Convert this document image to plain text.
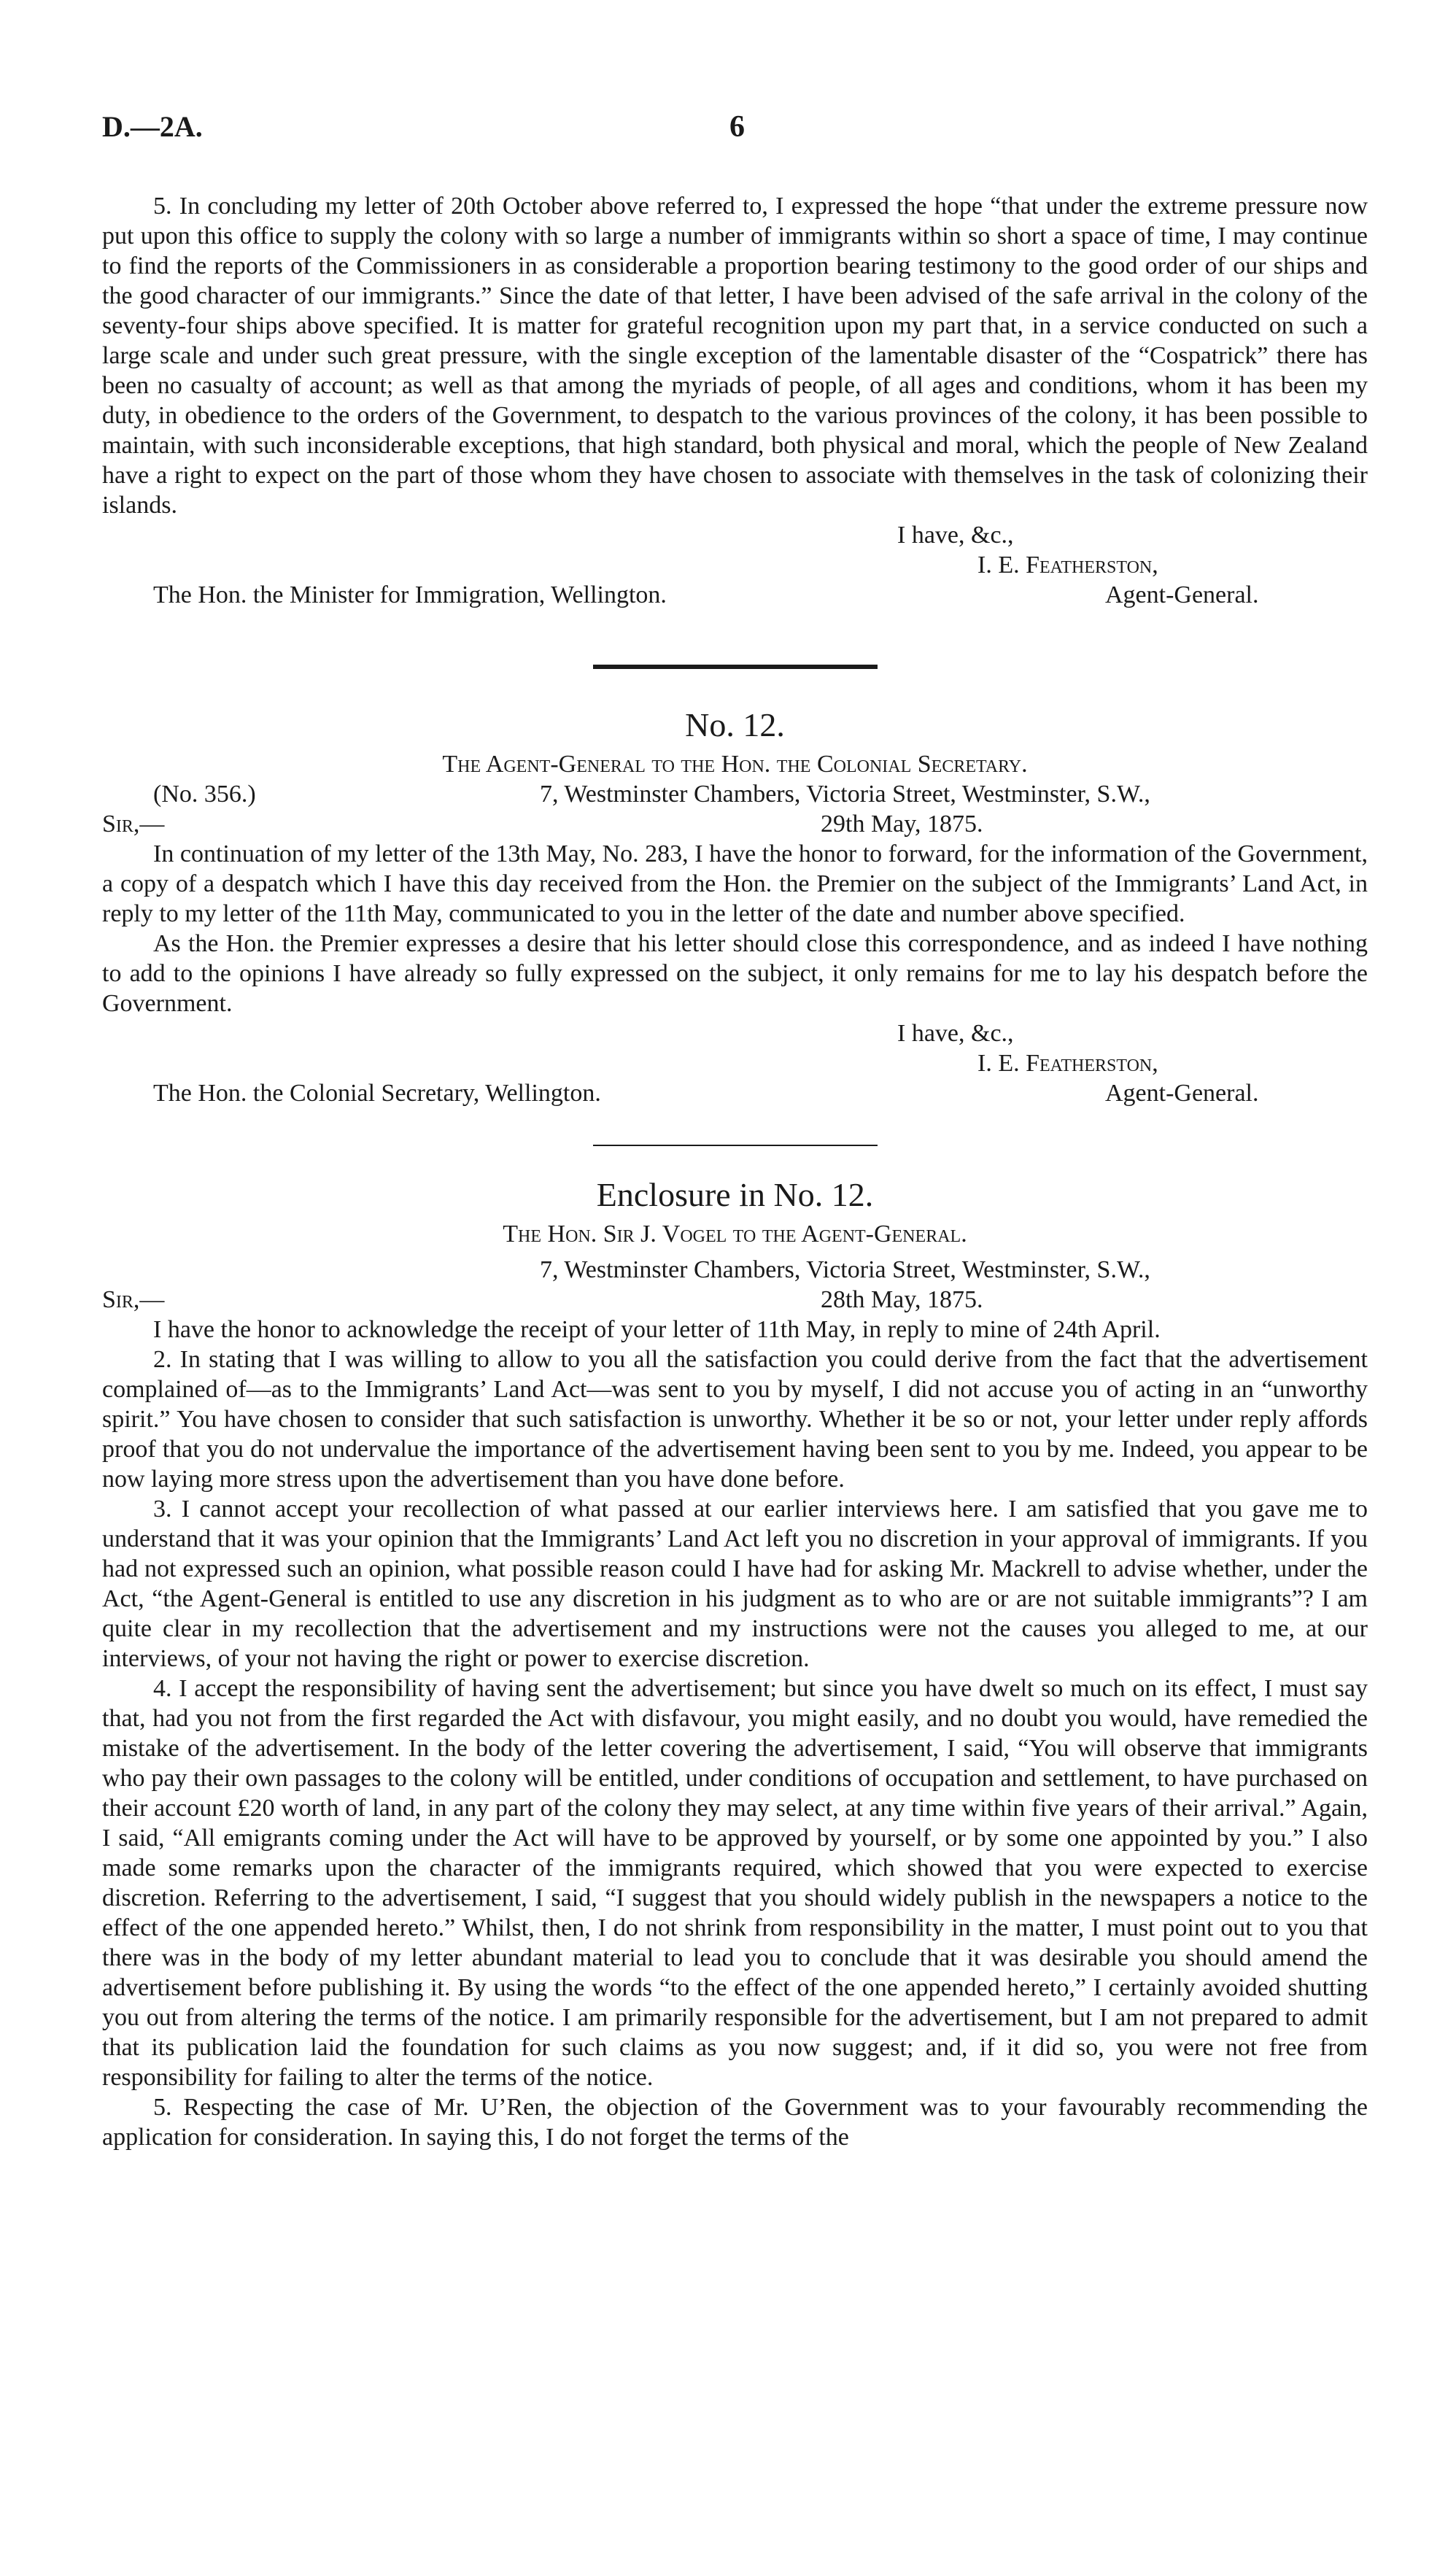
D.—2A.	6

5. In concluding my letter of 20th October above referred to, I expressed the hope “that under the extreme pressure now put upon this office to supply the colony with so large a number of immigrants within so short a space of time, I may continue to find the reports of the Commissioners in as considerable a proportion bearing testimony to the good order of our ships and the good character of our immigrants.” Since the date of that letter, I have been advised of the safe arrival in the colony of the seventy-four ships above specified. It is matter for grateful recognition upon my part that, in a service conducted on such a large scale and under such great pressure, with the single exception of the lamentable disaster of the “Cospatrick” there has been no casualty of account; as well as that among the myriads of people, of all ages and conditions, whom it has been my duty, in obedience to the orders of the Government, to despatch to the various provinces of the colony, it has been possible to maintain, with such inconsiderable exceptions, that high standard, both physical and moral, which the people of New Zealand have a right to expect on the part of those whom they have chosen to associate with themselves in the task of colonizing their islands.

I have, &c.,
I. E. Featherston,
The Hon. the Minister for Immigration, Wellington.	Agent-General.
No. 12.
The Agent-General to the Hon. the Colonial Secretary.
(No. 356.)	7, Westminster Chambers, Victoria Street, Westminster, S.W.,
Sir,—	29th May, 1875.

In continuation of my letter of the 13th May, No. 283, I have the honor to forward, for the information of the Government, a copy of a despatch which I have this day received from the Hon. the Premier on the subject of the Immigrants’ Land Act, in reply to my letter of the 11th May, communicated to you in the letter of the date and number above specified.

As the Hon. the Premier expresses a desire that his letter should close this correspondence, and as indeed I have nothing to add to the opinions I have already so fully expressed on the subject, it only remains for me to lay his despatch before the Government.

I have, &c.,
I. E. Featherston,
The Hon. the Colonial Secretary, Wellington.	Agent-General.
Enclosure in No. 12.
The Hon. Sir J. Vogel to the Agent-General.
7, Westminster Chambers, Victoria Street, Westminster, S.W.,
Sir,—	28th May, 1875.

I have the honor to acknowledge the receipt of your letter of 11th May, in reply to mine of 24th April.

2. In stating that I was willing to allow to you all the satisfaction you could derive from the fact that the advertisement complained of—as to the Immigrants’ Land Act—was sent to you by myself, I did not accuse you of acting in an “unworthy spirit.” You have chosen to consider that such satisfaction is unworthy. Whether it be so or not, your letter under reply affords proof that you do not undervalue the importance of the advertisement having been sent to you by me. Indeed, you appear to be now laying more stress upon the advertisement than you have done before.

3. I cannot accept your recollection of what passed at our earlier interviews here. I am satisfied that you gave me to understand that it was your opinion that the Immigrants’ Land Act left you no discretion in your approval of immigrants. If you had not expressed such an opinion, what possible reason could I have had for asking Mr. Mackrell to advise whether, under the Act, “the Agent-General is entitled to use any discretion in his judgment as to who are or are not suitable immigrants”? I am quite clear in my recollection that the advertisement and my instructions were not the causes you alleged to me, at our interviews, of your not having the right or power to exercise discretion.

4. I accept the responsibility of having sent the advertisement; but since you have dwelt so much on its effect, I must say that, had you not from the first regarded the Act with disfavour, you might easily, and no doubt you would, have remedied the mistake of the advertisement. In the body of the letter covering the advertisement, I said, “You will observe that immigrants who pay their own passages to the colony will be entitled, under conditions of occupation and settlement, to have purchased on their account £20 worth of land, in any part of the colony they may select, at any time within five years of their arrival.” Again, I said, “All emigrants coming under the Act will have to be approved by yourself, or by some one appointed by you.” I also made some remarks upon the character of the immigrants required, which showed that you were expected to exercise discretion. Referring to the advertisement, I said, “I suggest that you should widely publish in the newspapers a notice to the effect of the one appended hereto.” Whilst, then, I do not shrink from responsibility in the matter, I must point out to you that there was in the body of my letter abundant material to lead you to conclude that it was desirable you should amend the advertisement before publishing it. By using the words “to the effect of the one appended hereto,” I certainly avoided shutting you out from altering the terms of the notice. I am primarily responsible for the advertisement, but I am not prepared to admit that its publication laid the foundation for such claims as you now suggest; and, if it did so, you were not free from responsibility for failing to alter the terms of the notice.

5. Respecting the case of Mr. U’Ren, the objection of the Government was to your favourably recommending the application for consideration. In saying this, I do not forget the terms of the
